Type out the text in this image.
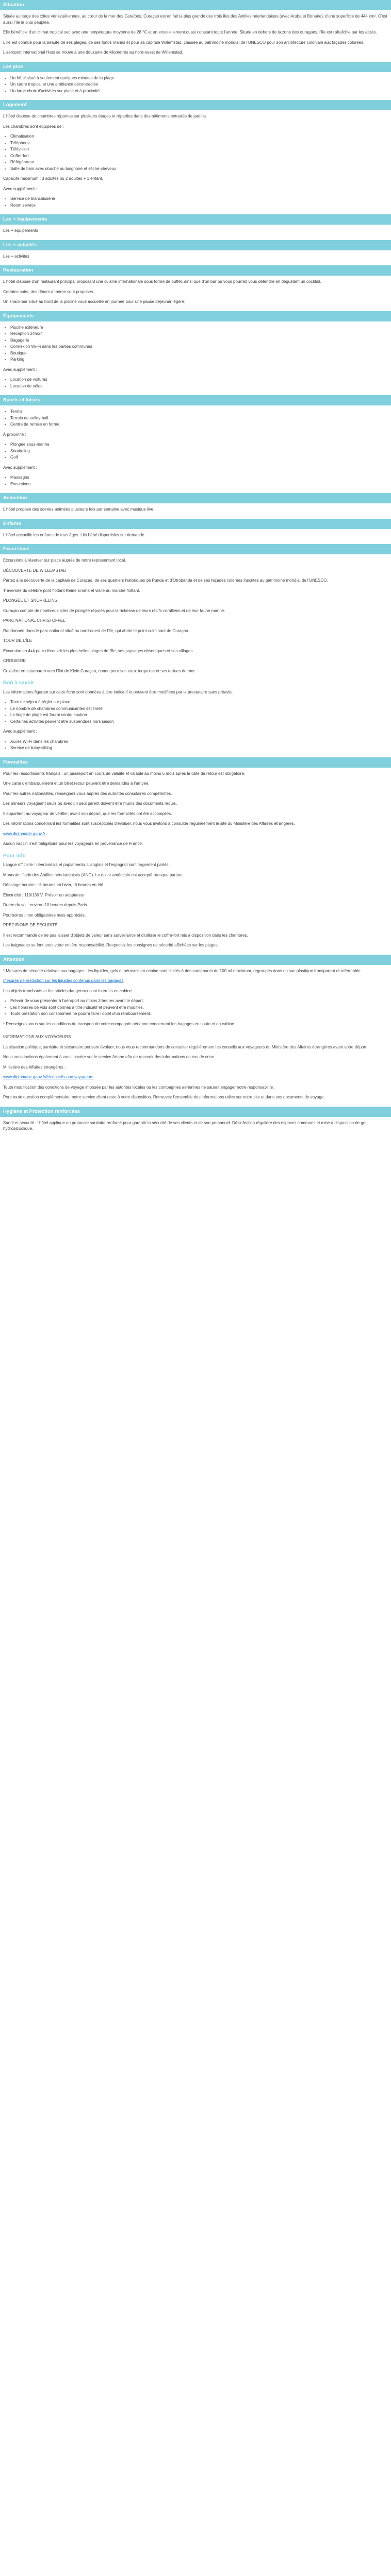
Situation

Située au large des côtes vénézuéliennes, au cœur de la mer des Caraïbes, Curaçao est en fait la plus grande des trois îles des Antilles néerlandaises (avec Aruba et Bonaire), d'une superficie de 444 km². C'est aussi l'île la plus peuplée.

Elle bénéficie d'un climat tropical sec avec une température moyenne de 28 °C et un ensoleillement quasi constant toute l'année. Située en dehors de la zone des ouragans, l'île est rafraîchie par les alizés.

L'île est connue pour la beauté de ses plages, de ses fonds marins et pour sa capitale Willemstad, classée au patrimoine mondial de l'UNESCO pour son architecture coloniale aux façades colorées.

L'aéroport international Hato se trouve à une douzaine de kilomètres au nord-ouest de Willemstad.

Les plus
• Un hôtel situé à seulement quelques minutes de la plage
• Un cadre tropical et une ambiance décontractée
• Un large choix d'activités sur place et à proximité
Logement

L'hôtel dispose de chambres réparties sur plusieurs étages et réparties dans des bâtiments entourés de jardins.

Les chambres sont équipées de :

• Climatisation
• Téléphone
• Télévision
• Coffre-fort
• Réfrigérateur
• Salle de bain avec douche ou baignoire et sèche-cheveux

Capacité maximum : 3 adultes ou 2 adultes + 1 enfant.

Avec supplément :

• Service de blanchisserie
• Room service
Les + équipements

Les + équipements

Les + activités

Les + activités

Restauration

L'hôtel dispose d'un restaurant principal proposant une cuisine internationale sous forme de buffet, ainsi que d'un bar où vous pourrez vous détendre en dégustant un cocktail.

Certains soirs, des dîners à thème sont proposés.

Un snack-bar situé au bord de la piscine vous accueille en journée pour une pause déjeuner légère.

Équipements
• Piscine extérieure
• Réception 24h/24
• Bagagerie
• Connexion Wi-Fi dans les parties communes
• Boutique
• Parking

Avec supplément :

• Location de voitures
• Location de vélos
Sports et loisirs
• Tennis
• Terrain de volley-ball
• Centre de remise en forme

À proximité :

• Plongée sous-marine
• Snorkeling
• Golf

Avec supplément :

• Massages
• Excursions
Animation

L'hôtel propose des soirées animées plusieurs fois par semaine avec musique live.

Enfants

L'hôtel accueille les enfants de tous âges. Lits bébé disponibles sur demande.

Excursions

Excursions à réserver sur place auprès de notre représentant local.

DÉCOUVERTE DE WILLEMSTAD

Partez à la découverte de la capitale de Curaçao, de ses quartiers historiques de Punda et d'Otrobanda et de ses façades colorées inscrites au patrimoine mondial de l'UNESCO.

Traversée du célèbre pont flottant Reine Emma et visite du marché flottant.

PLONGÉE ET SNORKELING

Curaçao compte de nombreux sites de plongée réputés pour la richesse de leurs récifs coralliens et de leur faune marine.

PARC NATIONAL CHRISTOFFEL

Randonnée dans le parc national situé au nord-ouest de l'île, qui abrite le point culminant de Curaçao.

TOUR DE L'ÎLE

Excursion en 4x4 pour découvrir les plus belles plages de l'île, ses paysages désertiques et ses villages.

CROISIÈRE

Croisière en catamaran vers l'îlot de Klein Curaçao, connu pour ses eaux turquoise et ses tortues de mer.

Bon à savoir

Les informations figurant sur cette fiche sont données à titre indicatif et peuvent être modifiées par le prestataire sans préavis.

• Taxe de séjour à régler sur place
• Le nombre de chambres communicantes est limité
• Le linge de plage est fourni contre caution
• Certaines activités peuvent être suspendues hors saison

Avec supplément :

• Accès Wi-Fi dans les chambres
• Service de baby-sitting
Formalités

Pour les ressortissants français : un passeport en cours de validité et valable au moins 6 mois après la date de retour est obligatoire.

Une carte d'embarquement et un billet retour peuvent être demandés à l'arrivée.

Pour les autres nationalités, renseignez-vous auprès des autorités consulaires compétentes.

Les mineurs voyageant seuls ou avec un seul parent doivent être munis des documents requis.

Il appartient au voyageur de vérifier, avant son départ, que les formalités ont été accomplies.

Les informations concernant les formalités sont susceptibles d'évoluer, nous vous invitons à consulter régulièrement le site du Ministère des Affaires étrangères.

www.diplomatie.gouv.fr

Aucun vaccin n'est obligatoire pour les voyageurs en provenance de France.

Pour info

Langue officielle : néerlandais et papiamento. L'anglais et l'espagnol sont largement parlés.

Monnaie : florin des Antilles néerlandaises (ANG). Le dollar américain est accepté presque partout.

Décalage horaire : -5 heures en hiver, -6 heures en été.

Électricité : 110/130 V. Prévoir un adaptateur.

Durée du vol : environ 10 heures depuis Paris.

Pourboires : non obligatoires mais appréciés.

PRÉCISIONS DE SÉCURITÉ

Il est recommandé de ne pas laisser d'objets de valeur sans surveillance et d'utiliser le coffre-fort mis à disposition dans les chambres.

Les baignades se font sous votre entière responsabilité. Respectez les consignes de sécurité affichées sur les plages.

Attention

* Mesures de sécurité relatives aux bagages : les liquides, gels et aérosols en cabine sont limités à des contenants de 100 ml maximum, regroupés dans un sac plastique transparent et refermable.

mesures de restriction sur les liquides contenus dans les bagages

Les objets tranchants et les articles dangereux sont interdits en cabine.

• Prévoir de vous présenter à l'aéroport au moins 3 heures avant le départ.
• Les horaires de vols sont donnés à titre indicatif et peuvent être modifiés.
• Toute prestation non consommée ne pourra faire l'objet d'un remboursement.

* Renseignez-vous sur les conditions de transport de votre compagnie aérienne concernant les bagages en soute et en cabine.

INFORMATIONS AUX VOYAGEURS

La situation politique, sanitaire et sécuritaire pouvant évoluer, nous vous recommandons de consulter régulièrement les conseils aux voyageurs du Ministère des Affaires étrangères avant votre départ.

Nous vous invitons également à vous inscrire sur le service Ariane afin de recevoir des informations en cas de crise.

Ministère des Affaires étrangères :

www.diplomatie.gouv.fr/fr/conseils-aux-voyageurs

Toute modification des conditions de voyage imposée par les autorités locales ou les compagnies aériennes ne saurait engager notre responsabilité.

Pour toute question complémentaire, notre service client reste à votre disposition. Retrouvez l'ensemble des informations utiles sur notre site et dans vos documents de voyage.

Hygiène et Protection renforcées

Santé et sécurité : l'hôtel applique un protocole sanitaire renforcé pour garantir la sécurité de ses clients et de son personnel. Désinfection régulière des espaces communs et mise à disposition de gel hydroalcoolique.
